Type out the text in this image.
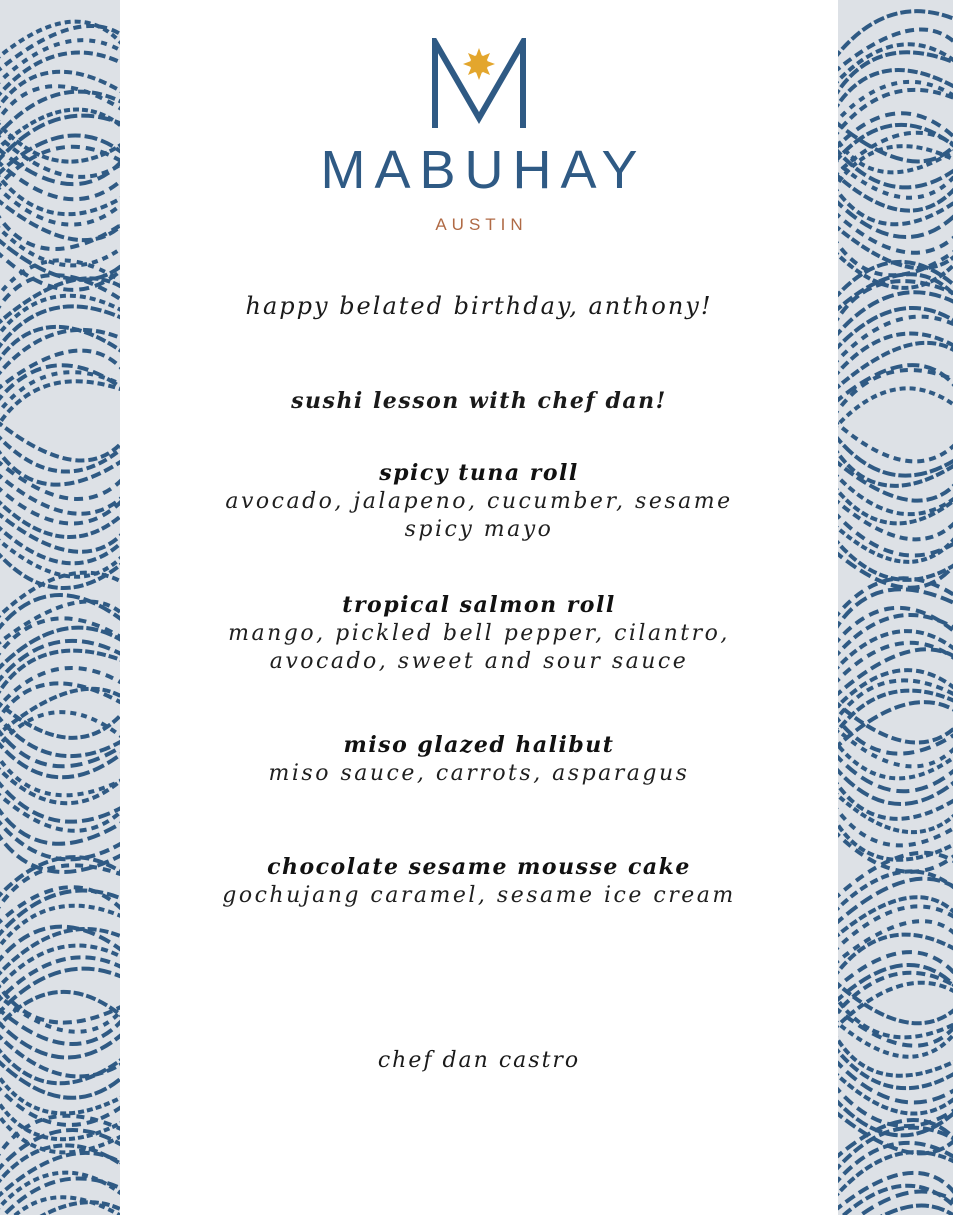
MABUHAY
AUSTIN
happy belated birthday, anthony!
sushi lesson with chef dan!
spicy tuna roll
avocado, jalapeno, cucumber, sesame
spicy mayo
tropical salmon roll
mango, pickled bell pepper, cilantro,
avocado, sweet and sour sauce
miso glazed halibut
miso sauce, carrots, asparagus
chocolate sesame mousse cake
gochujang caramel, sesame ice cream
chef dan castro
